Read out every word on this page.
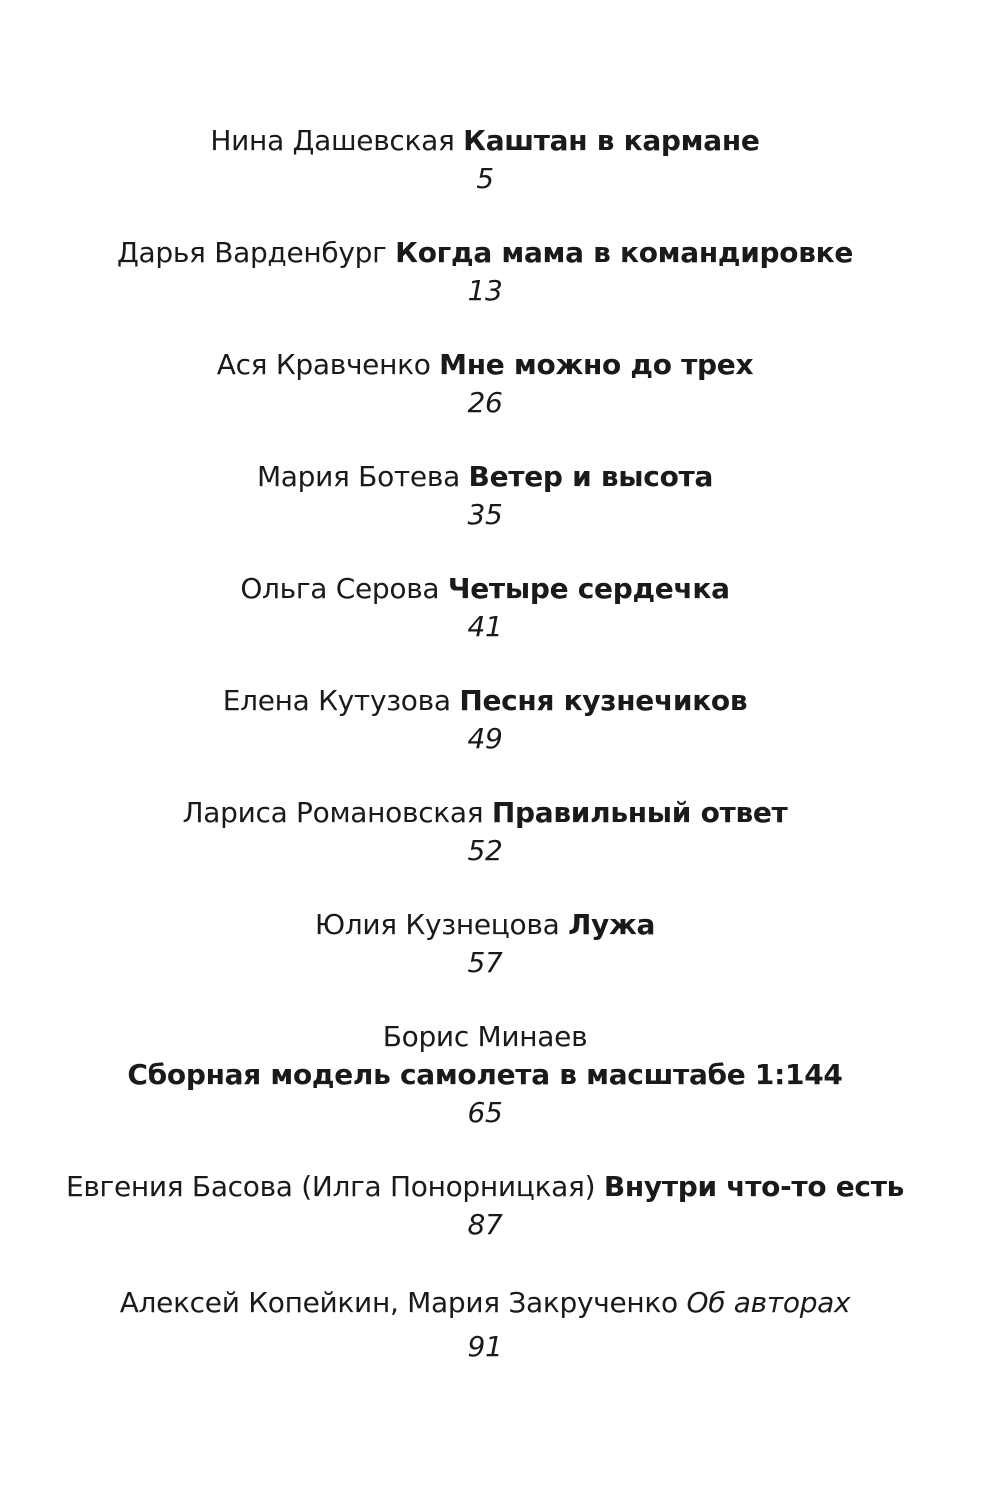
Нина Дашевская Каштан в кармане
5
Дарья Варденбург Когда мама в командировке
13
Ася Кравченко Мне можно до трех
26
Мария Ботева Ветер и высота
35
Ольга Серова Четыре сердечка
41
Елена Кутузова Песня кузнечиков
49
Лариса Романовская Правильный ответ
52
Юлия Кузнецова Лужа
57
Борис Минаев
Сборная модель самолета в масштабе 1:144
65
Евгения Басова (Илга Понорницкая) Внутри что-то есть
87
Алексей Копейкин, Мария Закрученко Об авторах
91
